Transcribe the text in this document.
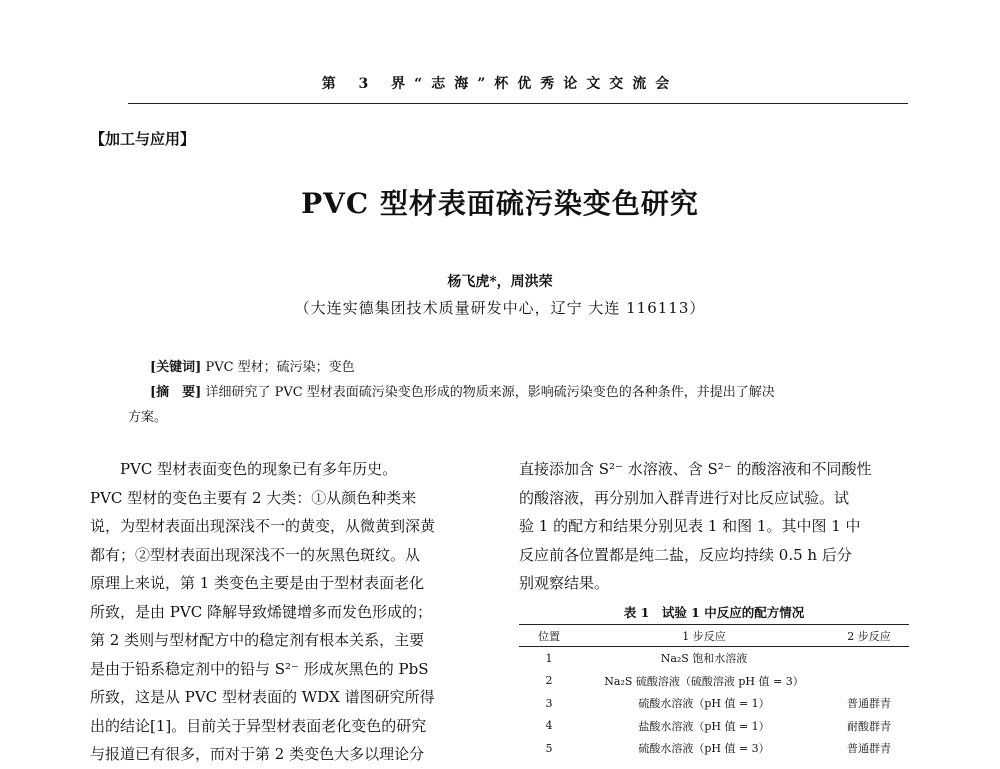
第 3 界“志海”杯优秀论文交流会
【加工与应用】
PVC 型材表面硫污染变色研究
杨飞虎*，周洪荣
（大连实德集团技术质量研发中心，辽宁 大连 116113）
[关键词] PVC 型材；硫污染；变色
[摘　要] 详细研究了 PVC 型材表面硫污染变色形成的物质来源，影响硫污染变色的各种条件，并提出了解决
方案。

　　PVC 型材表面变色的现象已有多年历史。

PVC 型材的变色主要有 2 大类：①从颜色种类来

说，为型材表面出现深浅不一的黄变，从微黄到深黄

都有；②型材表面出现深浅不一的灰黑色斑纹。从

原理上来说，第 1 类变色主要是由于型材表面老化

所致，是由 PVC 降解导致烯键增多而发色形成的；

第 2 类则与型材配方中的稳定剂有根本关系，主要

是由于铅系稳定剂中的铅与 S²⁻ 形成灰黑色的 PbS

所致，这是从 PVC 型材表面的 WDX 谱图研究所得

出的结论[1]。目前关于异型材表面老化变色的研究

与报道已有很多，而对于第 2 类变色大多以理论分

直接添加含 S²⁻ 水溶液、含 S²⁻ 的酸溶液和不同酸性

的酸溶液，再分别加入群青进行对比反应试验。试

验 1 的配方和结果分别见表 1 和图 1。其中图 1 中

反应前各位置都是纯二盐，反应均持续 0.5 h 后分

别观察结果。

表 1　试验 1 中反应的配方情况
位置	1 步反应	2 步反应
1	Na₂S 饱和水溶液	
2	Na₂S 硫酸溶液（硫酸溶液 pH 值 = 3）	
3	硫酸水溶液（pH 值 = 1）	普通群青
4	盐酸水溶液（pH 值 = 1）	耐酸群青
5	硫酸水溶液（pH 值 = 3）	普通群青
